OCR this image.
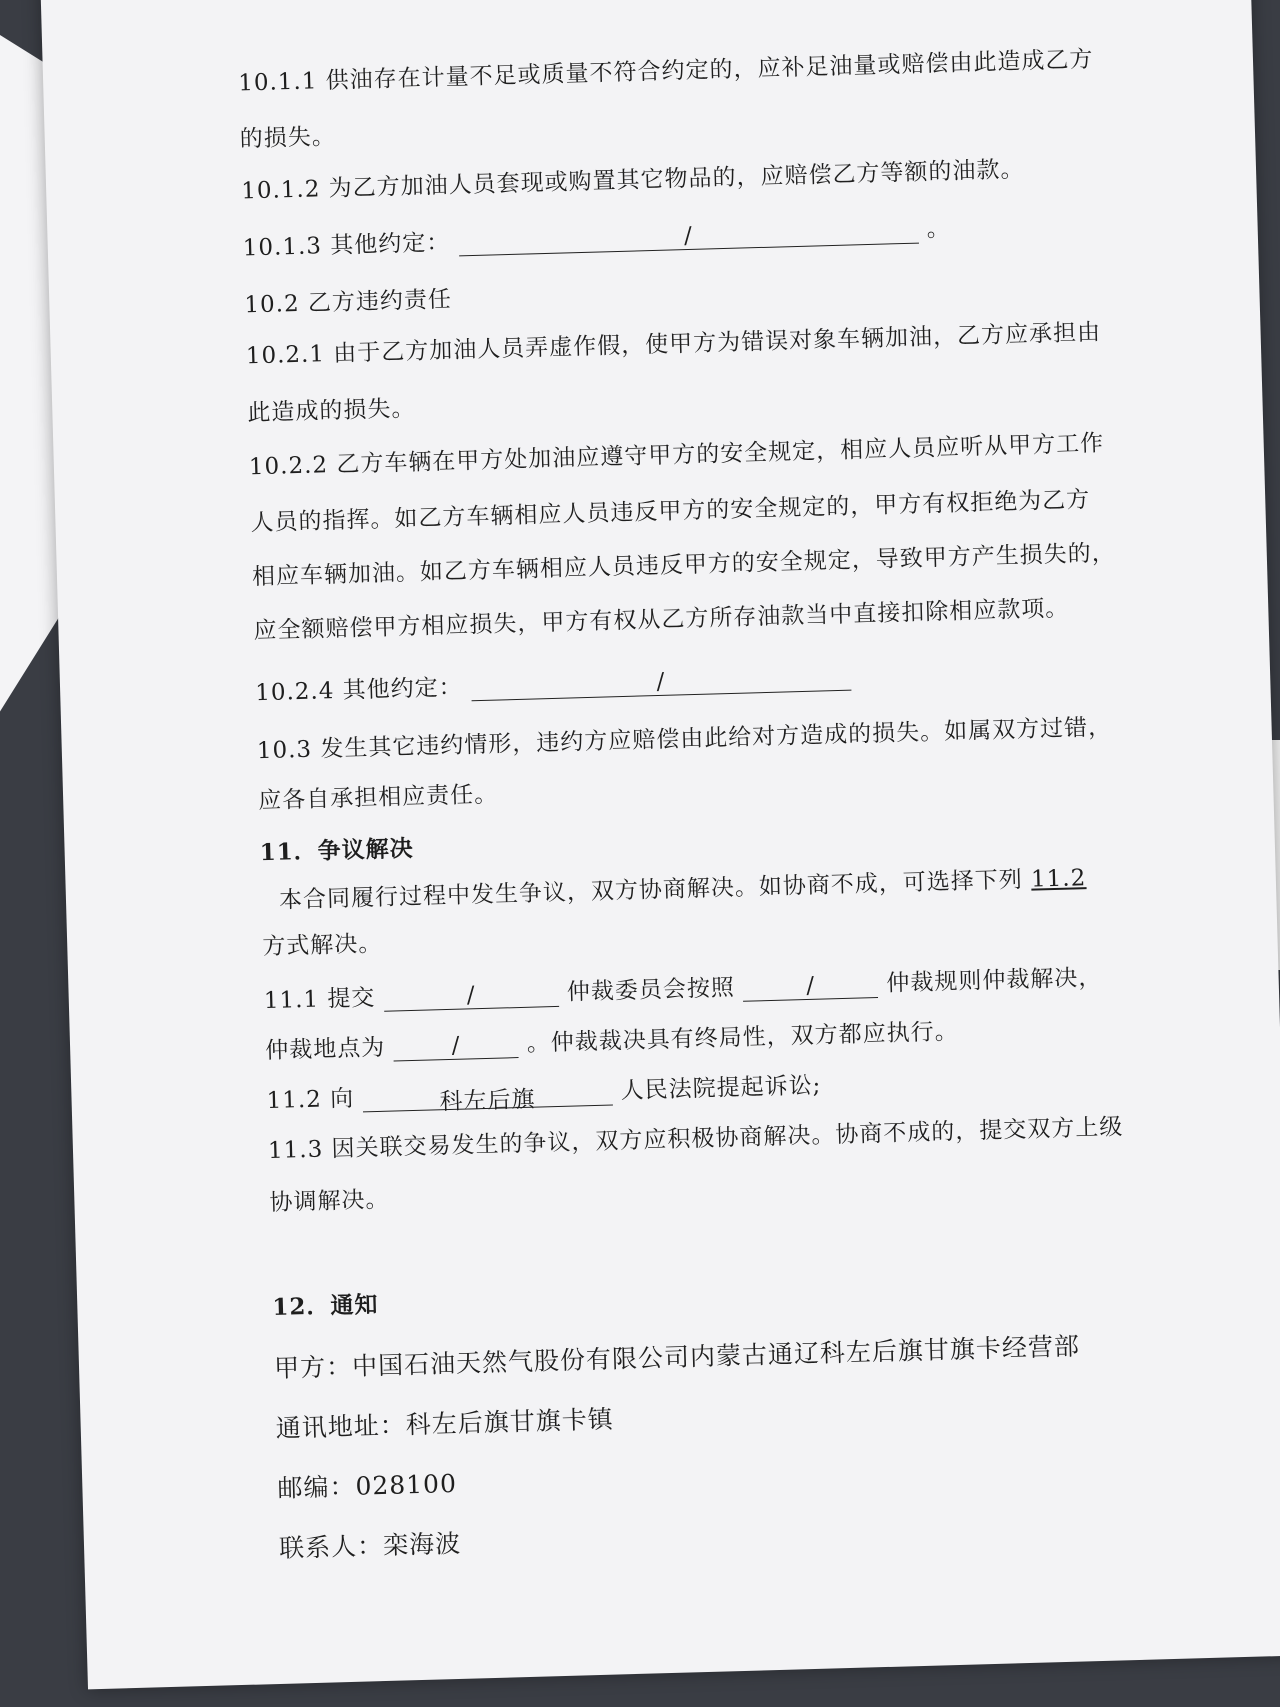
10.1.1 供油存在计量不足或质量不符合约定的，应补足油量或赔偿由此造成乙方
的损失。
10.1.2 为乙方加油人员套现或购置其它物品的，应赔偿乙方等额的油款。
10.1.3 其他约定：	/	。
10.2 乙方违约责任
10.2.1 由于乙方加油人员弄虚作假，使甲方为错误对象车辆加油，乙方应承担由
此造成的损失。
10.2.2 乙方车辆在甲方处加油应遵守甲方的安全规定，相应人员应听从甲方工作
人员的指挥。如乙方车辆相应人员违反甲方的安全规定的，甲方有权拒绝为乙方
相应车辆加油。如乙方车辆相应人员违反甲方的安全规定，导致甲方产生损失的，
应全额赔偿甲方相应损失，甲方有权从乙方所存油款当中直接扣除相应款项。
10.2.4 其他约定：	/
10.3 发生其它违约情形，违约方应赔偿由此给对方造成的损失。如属双方过错，
应各自承担相应责任。
11．争议解决
本合同履行过程中发生争议，双方协商解决。如协商不成，可选择下列 11.2
方式解决。
11.1 提交	/	仲裁委员会按照	/	仲裁规则仲裁解决，
仲裁地点为	/	。仲裁裁决具有终局性，双方都应执行。
11.2 向	科左后旗	人民法院提起诉讼;
11.3 因关联交易发生的争议，双方应积极协商解决。协商不成的，提交双方上级
协调解决。
12．通知
甲方：中国石油天然气股份有限公司内蒙古通辽科左后旗甘旗卡经营部
通讯地址：科左后旗甘旗卡镇
邮编：028100
联系人：栾海波
